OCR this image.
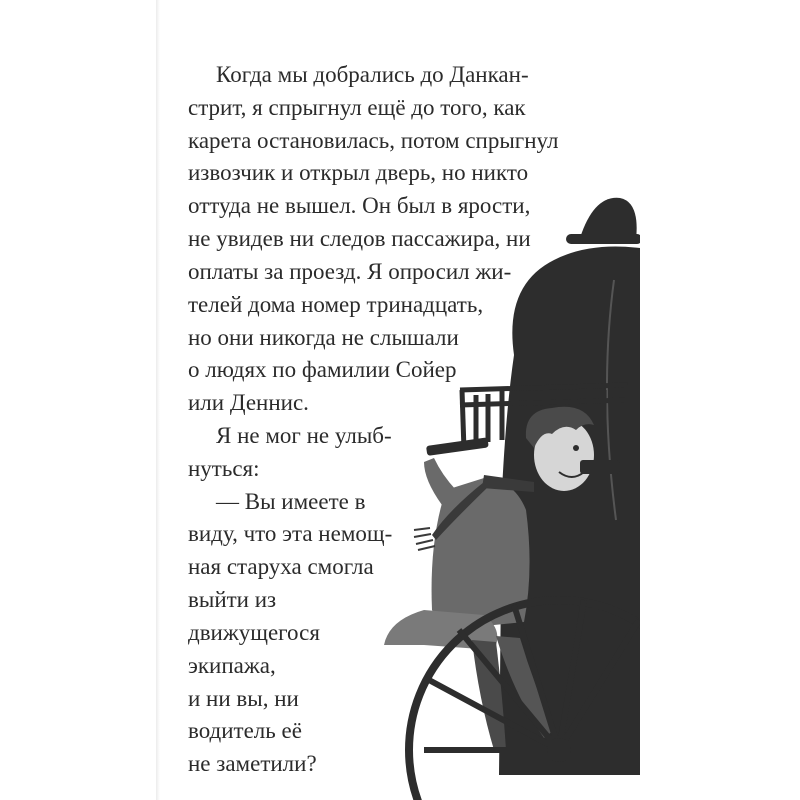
Когда мы добрались до Данкан-
стрит, я спрыгнул ещё до того, как
карета остановилась, потом спрыгнул
извозчик и открыл дверь, но никто
оттуда не вышел. Он был в ярости,
не увидев ни следов пассажира, ни
оплаты за проезд. Я опросил жи-
телей дома номер тринадцать,
но они никогда не слышали
о людях по фамилии Сойер
или Деннис.
Я не мог не улыб-
нуться:
— Вы имеете в
виду, что эта немощ-
ная старуха смогла
выйти из
движущегося
экипажа,
и ни вы, ни
водитель её
не заметили?
